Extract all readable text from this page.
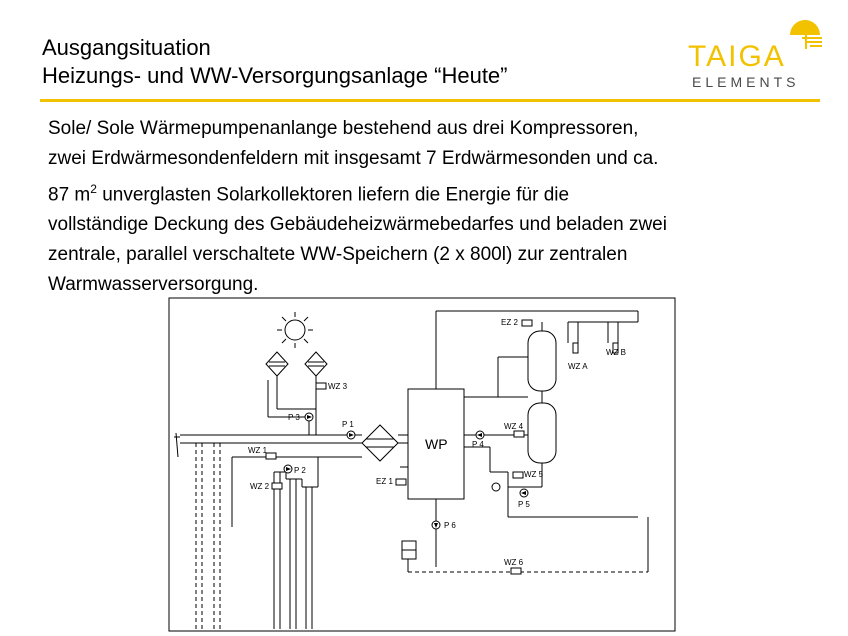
Ausgangsituation
Heizungs- und WW-Versorgungsanlage “Heute”
TAIGA
ELEMENTS
Sole/ Sole Wärmepumpenanlange bestehend aus drei Kompressoren,
zwei Erdwärmesondenfeldern mit insgesamt 7 Erdwärmesonden und ca.
87 $m^2$ unverglasten Solarkollektoren liefern die Energie für die
vollständige Deckung des Gebäudeheizwärmebedarfes und beladen zwei
zentrale, parallel verschaltete WW-Speichern (2 x 800l) zur zentralen
Warmwasserversorgung.
WP
EZ 1
EZ 2
WZ 1
WZ 2
WZ 3
WZ 4
WZ 5
WZ 6
WZ A
WZ B
P 1
P 2
P 3
P 4
P 5
P 6
